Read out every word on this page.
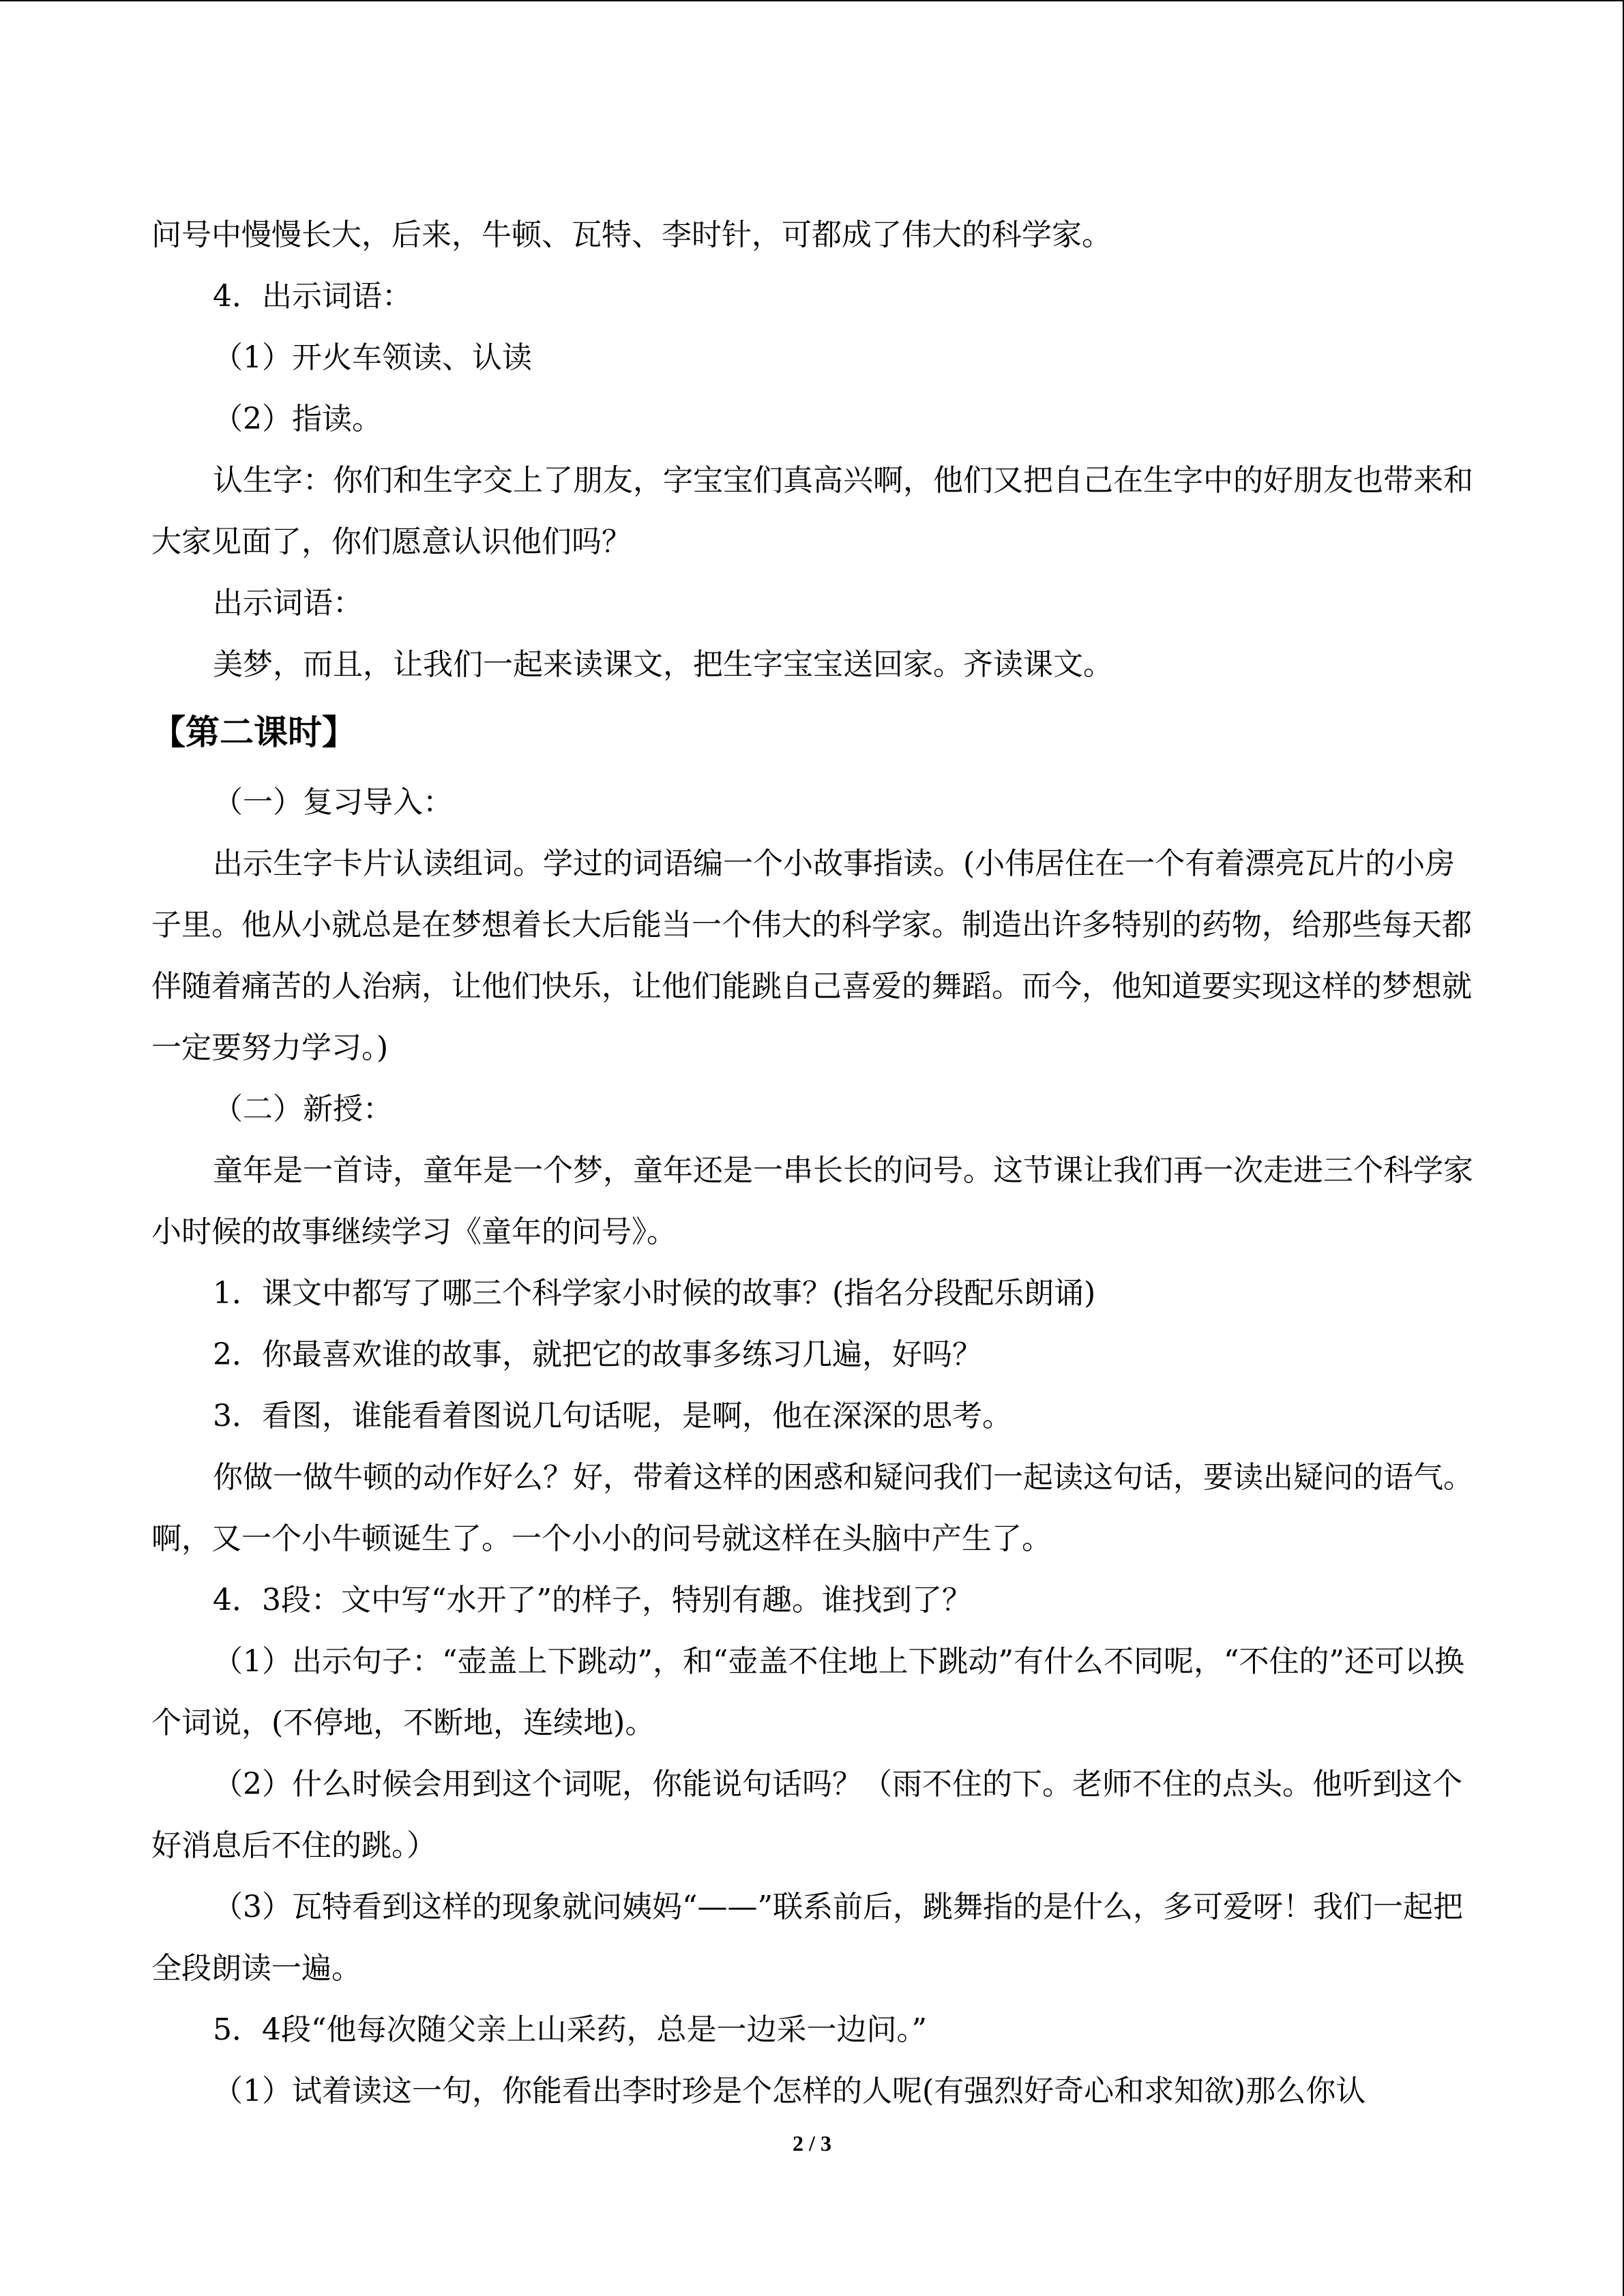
问号中慢慢长大，后来，牛顿、瓦特、李时针，可都成了伟大的科学家。

4．出示词语：

（1）开火车领读、认读

（2）指读。

认生字：你们和生字交上了朋友，字宝宝们真高兴啊，他们又把自己在生字中的好朋友也带来和大家见面了，你们愿意认识他们吗？

出示词语：

美梦，而且，让我们一起来读课文，把生字宝宝送回家。齐读课文。

【第二课时】

（一）复习导入：

出示生字卡片认读组词。学过的词语编一个小故事指读。(小伟居住在一个有着漂亮瓦片的小房子里。他从小就总是在梦想着长大后能当一个伟大的科学家。制造出许多特别的药物，给那些每天都伴随着痛苦的人治病，让他们快乐，让他们能跳自己喜爱的舞蹈。而今，他知道要实现这样的梦想就一定要努力学习。)

（二）新授：

童年是一首诗，童年是一个梦，童年还是一串长长的问号。这节课让我们再一次走进三个科学家小时候的故事继续学习《童年的问号》。

1．课文中都写了哪三个科学家小时候的故事？(指名分段配乐朗诵)

2．你最喜欢谁的故事，就把它的故事多练习几遍，好吗？

3．看图，谁能看着图说几句话呢，是啊，他在深深的思考。

你做一做牛顿的动作好么？好，带着这样的困惑和疑问我们一起读这句话，要读出疑问的语气。啊，又一个小牛顿诞生了。一个小小的问号就这样在头脑中产生了。

4．3段：文中写“水开了”的样子，特别有趣。谁找到了？

（1）出示句子：“壶盖上下跳动”，和“壶盖不住地上下跳动”有什么不同呢，“不住的”还可以换个词说，(不停地，不断地，连续地)。

（2）什么时候会用到这个词呢，你能说句话吗？（雨不住的下。老师不住的点头。他听到这个好消息后不住的跳。）

（3）瓦特看到这样的现象就问姨妈“——”联系前后，跳舞指的是什么，多可爱呀！我们一起把全段朗读一遍。

5．4段“他每次随父亲上山采药，总是一边采一边问。”

（1）试着读这一句，你能看出李时珍是个怎样的人呢(有强烈好奇心和求知欲)那么你认

2 / 3
